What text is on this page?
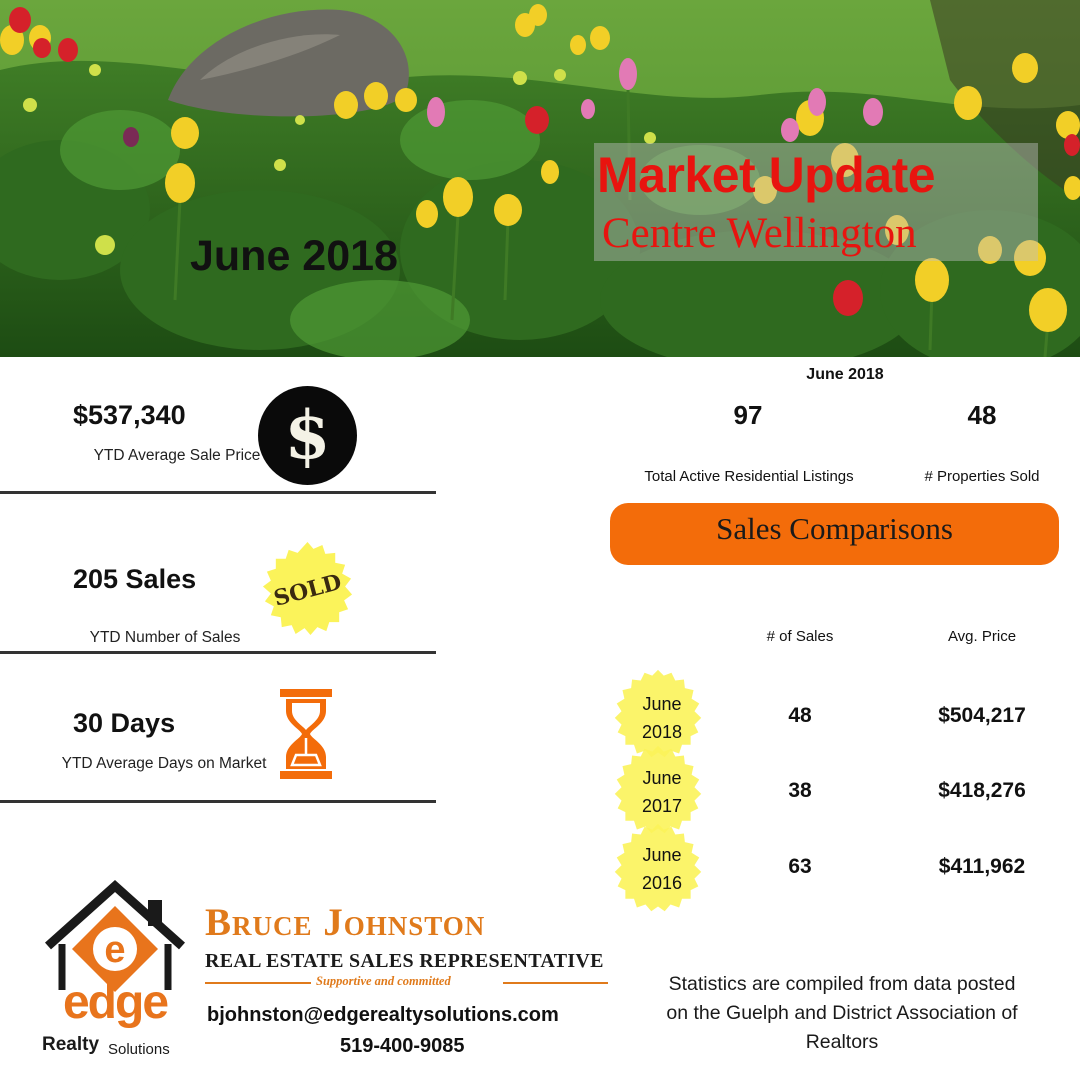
Market Update
Centre Wellington
June 2018
$537,340
YTD Average Sale Price $
205 Sales
YTD Number of Sales
SOLD
30 Days
YTD Average Days on Market
June 2018
97	48
Total Active Residential Listings	# Properties Sold
Sales Comparisons
# of Sales	Avg. Price
June
2018
48	$504,217
June
2017
38	$418,276
June
2016
63	$411,962
e
edge
Realty Solutions
Bruce Johnston
REAL ESTATE SALES REPRESENTATIVE
Supportive and committed
bjohnston@edgerealtysolutions.com
519-400-9085
Statistics are compiled from data posted on the Guelph and District Association of Realtors
